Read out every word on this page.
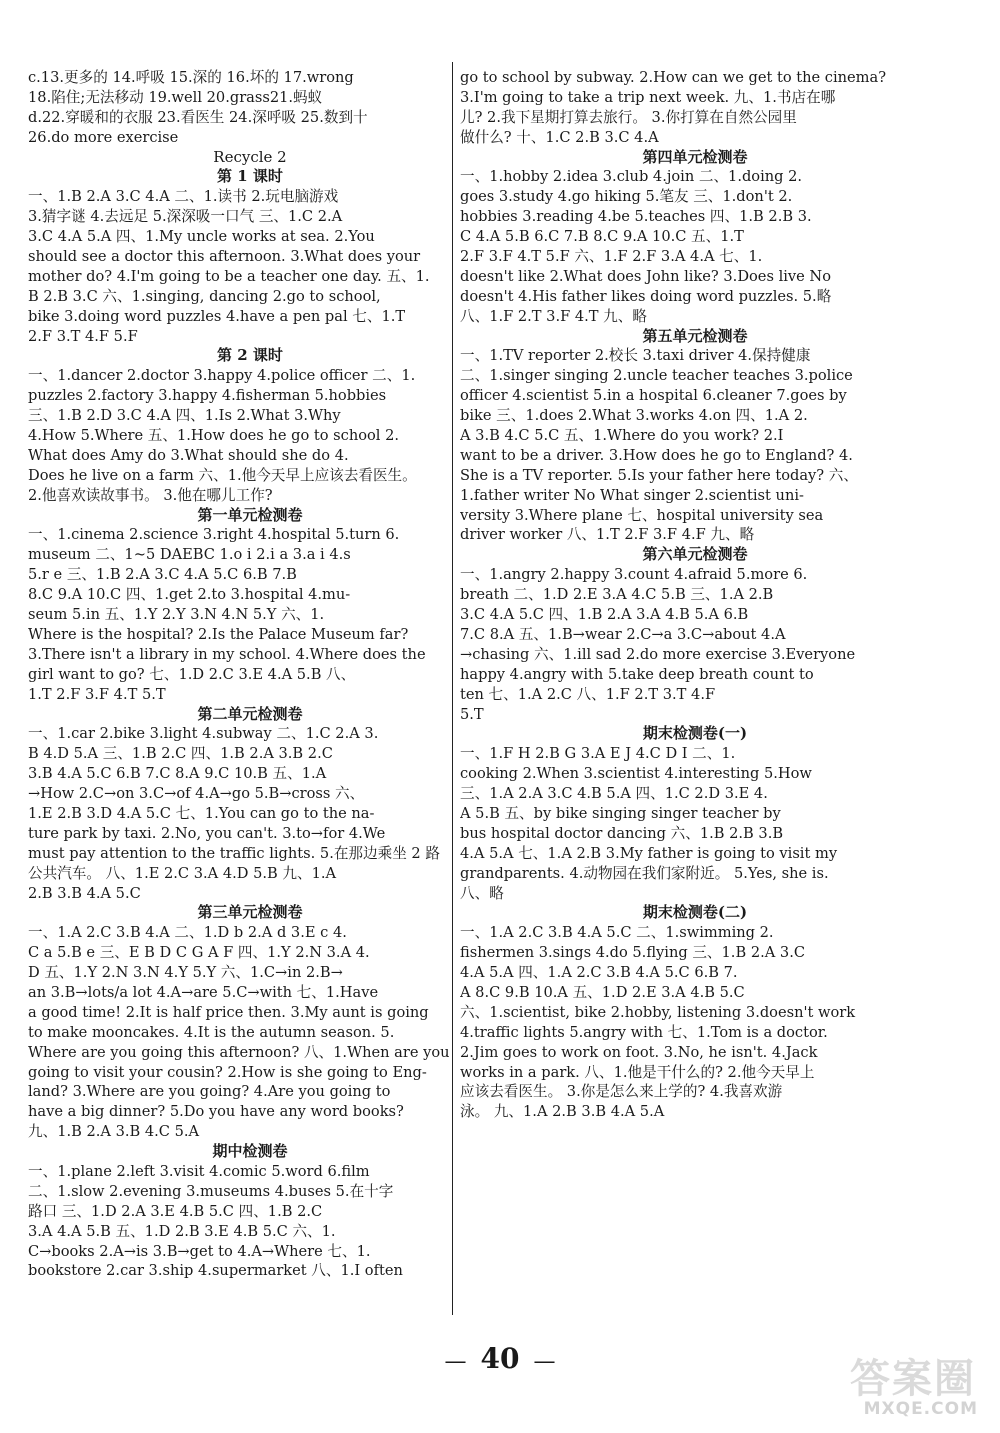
c.13.更多的 14.呼吸 15.深的 16.坏的 17.wrong
18.陷住;无法移动 19.well 20.grass21.蚂蚁
d.22.穿暖和的衣服 23.看医生 24.深呼吸 25.数到十
26.do more exercise
Recycle 2
第 1 课时
一、1.B 2.A 3.C 4.A 二、1.读书 2.玩电脑游戏
3.猜字谜 4.去远足 5.深深吸一口气 三、1.C 2.A
3.C 4.A 5.A 四、1.My uncle works at sea. 2.You
should see a doctor this afternoon. 3.What does your
mother do? 4.I'm going to be a teacher one day. 五、1.
B 2.B 3.C 六、1.singing, dancing 2.go to school,
bike 3.doing word puzzles 4.have a pen pal 七、1.T
2.F 3.T 4.F 5.F
第 2 课时
一、1.dancer 2.doctor 3.happy 4.police officer 二、1.
puzzles 2.factory 3.happy 4.fisherman 5.hobbies
三、1.B 2.D 3.C 4.A 四、1.Is 2.What 3.Why
4.How 5.Where 五、1.How does he go to school 2.
What does Amy do 3.What should she do 4.
Does he live on a farm 六、1.他今天早上应该去看医生。
2.他喜欢读故事书。 3.他在哪儿工作?
第一单元检测卷
一、1.cinema 2.science 3.right 4.hospital 5.turn 6.
museum 二、1~5 DAEBC 1.o i 2.i a 3.a i 4.s
5.r e 三、1.B 2.A 3.C 4.A 5.C 6.B 7.B
8.C 9.A 10.C 四、1.get 2.to 3.hospital 4.mu-
seum 5.in 五、1.Y 2.Y 3.N 4.N 5.Y 六、1.
Where is the hospital? 2.Is the Palace Museum far?
3.There isn't a library in my school. 4.Where does the
girl want to go? 七、1.D 2.C 3.E 4.A 5.B 八、
1.T 2.F 3.F 4.T 5.T
第二单元检测卷
一、1.car 2.bike 3.light 4.subway 二、1.C 2.A 3.
B 4.D 5.A 三、1.B 2.C 四、1.B 2.A 3.B 2.C
3.B 4.A 5.C 6.B 7.C 8.A 9.C 10.B 五、1.A
→How 2.C→on 3.C→of 4.A→go 5.B→cross 六、
1.E 2.B 3.D 4.A 5.C 七、1.You can go to the na-
ture park by taxi. 2.No, you can't. 3.to→for 4.We
must pay attention to the traffic lights. 5.在那边乘坐 2 路
公共汽车。 八、1.E 2.C 3.A 4.D 5.B 九、1.A
2.B 3.B 4.A 5.C
第三单元检测卷
一、1.A 2.C 3.B 4.A 二、1.D b 2.A d 3.E c 4.
C a 5.B e 三、E B D C G A F 四、1.Y 2.N 3.A 4.
D 五、1.Y 2.N 3.N 4.Y 5.Y 六、1.C→in 2.B→
an 3.B→lots/a lot 4.A→are 5.C→with 七、1.Have
a good time! 2.It is half price then. 3.My aunt is going
to make mooncakes. 4.It is the autumn season. 5.
Where are you going this afternoon? 八、1.When are you
going to visit your cousin? 2.How is she going to Eng-
land? 3.Where are you going? 4.Are you going to
have a big dinner? 5.Do you have any word books?
九、1.B 2.A 3.B 4.C 5.A
期中检测卷
一、1.plane 2.left 3.visit 4.comic 5.word 6.film
二、1.slow 2.evening 3.museums 4.buses 5.在十字
路口 三、1.D 2.A 3.E 4.B 5.C 四、1.B 2.C
3.A 4.A 5.B 五、1.D 2.B 3.E 4.B 5.C 六、1.
C→books 2.A→is 3.B→get to 4.A→Where 七、1.
bookstore 2.car 3.ship 4.supermarket 八、1.I often
go to school by subway. 2.How can we get to the cinema?
3.I'm going to take a trip next week. 九、1.书店在哪
儿? 2.我下星期打算去旅行。 3.你打算在自然公园里
做什么? 十、1.C 2.B 3.C 4.A
第四单元检测卷
一、1.hobby 2.idea 3.club 4.join 二、1.doing 2.
goes 3.study 4.go hiking 5.笔友 三、1.don't 2.
hobbies 3.reading 4.be 5.teaches 四、1.B 2.B 3.
C 4.A 5.B 6.C 7.B 8.C 9.A 10.C 五、1.T
2.F 3.F 4.T 5.F 六、1.F 2.F 3.A 4.A 七、1.
doesn't like 2.What does John like? 3.Does live No
doesn't 4.His father likes doing word puzzles. 5.略
八、1.F 2.T 3.F 4.T 九、略
第五单元检测卷
一、1.TV reporter 2.校长 3.taxi driver 4.保持健康
二、1.singer singing 2.uncle teacher teaches 3.police
officer 4.scientist 5.in a hospital 6.cleaner 7.goes by
bike 三、1.does 2.What 3.works 4.on 四、1.A 2.
A 3.B 4.C 5.C 五、1.Where do you work? 2.I
want to be a driver. 3.How does he go to England? 4.
She is a TV reporter. 5.Is your father here today? 六、
1.father writer No What singer 2.scientist uni-
versity 3.Where plane 七、hospital university sea
driver worker 八、1.T 2.F 3.F 4.F 九、略
第六单元检测卷
一、1.angry 2.happy 3.count 4.afraid 5.more 6.
breath 二、1.D 2.E 3.A 4.C 5.B 三、1.A 2.B
3.C 4.A 5.C 四、1.B 2.A 3.A 4.B 5.A 6.B
7.C 8.A 五、1.B→wear 2.C→a 3.C→about 4.A
→chasing 六、1.ill sad 2.do more exercise 3.Everyone
happy 4.angry with 5.take deep breath count to
ten 七、1.A 2.C 八、1.F 2.T 3.T 4.F
5.T
期末检测卷(一)
一、1.F H 2.B G 3.A E J 4.C D I 二、1.
cooking 2.When 3.scientist 4.interesting 5.How
三、1.A 2.A 3.C 4.B 5.A 四、1.C 2.D 3.E 4.
A 5.B 五、by bike singing singer teacher by
bus hospital doctor dancing 六、1.B 2.B 3.B
4.A 5.A 七、1.A 2.B 3.My father is going to visit my
grandparents. 4.动物园在我们家附近。 5.Yes, she is.
八、略
期末检测卷(二)
一、1.A 2.C 3.B 4.A 5.C 二、1.swimming 2.
fishermen 3.sings 4.do 5.flying 三、1.B 2.A 3.C
4.A 5.A 四、1.A 2.C 3.B 4.A 5.C 6.B 7.
A 8.C 9.B 10.A 五、1.D 2.E 3.A 4.B 5.C
六、1.scientist, bike 2.hobby, listening 3.doesn't work
4.traffic lights 5.angry with 七、1.Tom is a doctor.
2.Jim goes to work on foot. 3.No, he isn't. 4.Jack
works in a park. 八、1.他是干什么的? 2.他今天早上
应该去看医生。 3.你是怎么来上学的? 4.我喜欢游
泳。 九、1.A 2.B 3.B 4.A 5.A
— 40 —	答案圈
MXQE.COM
